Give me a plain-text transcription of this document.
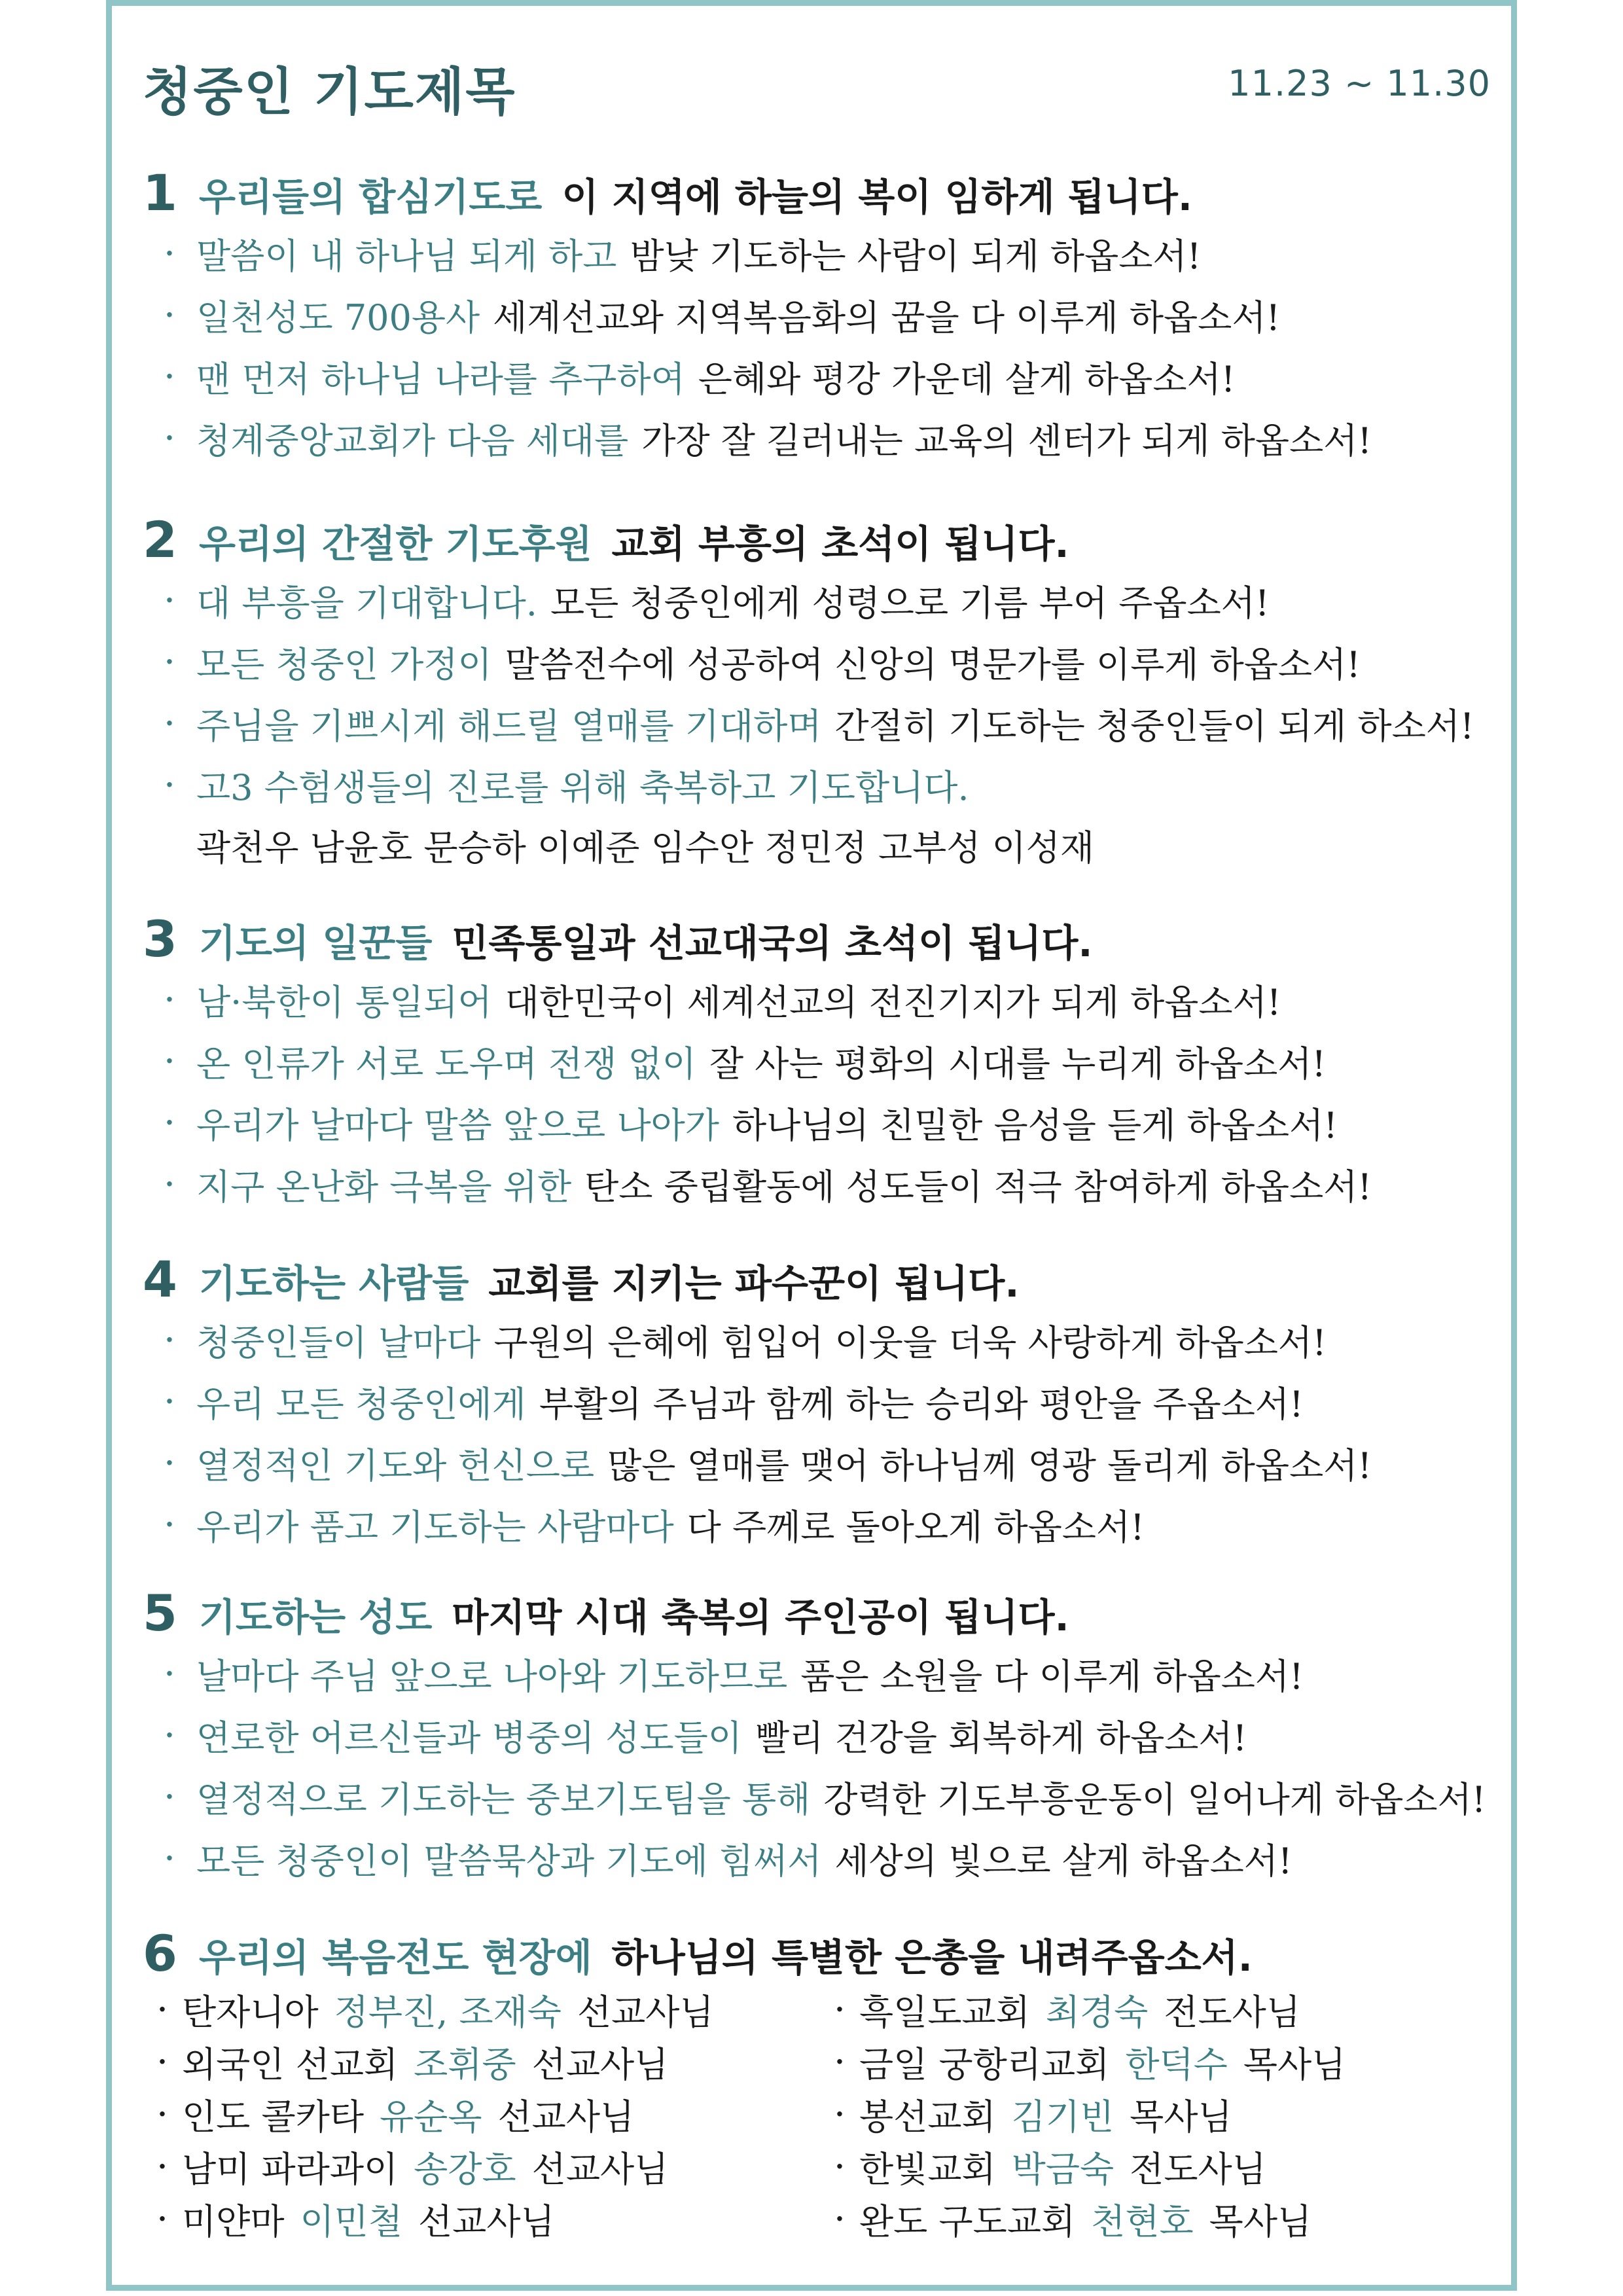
청중인 기도제목	11.23 ~ 11.30
1 우리들의 합심기도로 이 지역에 하늘의 복이 임하게 됩니다.
· 말씀이 내 하나님 되게 하고 밤낮 기도하는 사람이 되게 하옵소서!
· 일천성도 700용사 세계선교와 지역복음화의 꿈을 다 이루게 하옵소서!
· 맨 먼저 하나님 나라를 추구하여 은혜와 평강 가운데 살게 하옵소서!
· 청계중앙교회가 다음 세대를 가장 잘 길러내는 교육의 센터가 되게 하옵소서!
2 우리의 간절한 기도후원 교회 부흥의 초석이 됩니다.
· 대 부흥을 기대합니다. 모든 청중인에게 성령으로 기름 부어 주옵소서!
· 모든 청중인 가정이 말씀전수에 성공하여 신앙의 명문가를 이루게 하옵소서!
· 주님을 기쁘시게 해드릴 열매를 기대하며 간절히 기도하는 청중인들이 되게 하소서!
· 고3 수험생들의 진로를 위해 축복하고 기도합니다.
곽천우 남윤호 문승하 이예준 임수안 정민정 고부성 이성재
3 기도의 일꾼들 민족통일과 선교대국의 초석이 됩니다.
· 남·북한이 통일되어 대한민국이 세계선교의 전진기지가 되게 하옵소서!
· 온 인류가 서로 도우며 전쟁 없이 잘 사는 평화의 시대를 누리게 하옵소서!
· 우리가 날마다 말씀 앞으로 나아가 하나님의 친밀한 음성을 듣게 하옵소서!
· 지구 온난화 극복을 위한 탄소 중립활동에 성도들이 적극 참여하게 하옵소서!
4 기도하는 사람들 교회를 지키는 파수꾼이 됩니다.
· 청중인들이 날마다 구원의 은혜에 힘입어 이웃을 더욱 사랑하게 하옵소서!
· 우리 모든 청중인에게 부활의 주님과 함께 하는 승리와 평안을 주옵소서!
· 열정적인 기도와 헌신으로 많은 열매를 맺어 하나님께 영광 돌리게 하옵소서!
· 우리가 품고 기도하는 사람마다 다 주께로 돌아오게 하옵소서!
5 기도하는 성도 마지막 시대 축복의 주인공이 됩니다.
· 날마다 주님 앞으로 나아와 기도하므로 품은 소원을 다 이루게 하옵소서!
· 연로한 어르신들과 병중의 성도들이 빨리 건강을 회복하게 하옵소서!
· 열정적으로 기도하는 중보기도팀을 통해 강력한 기도부흥운동이 일어나게 하옵소서!
· 모든 청중인이 말씀묵상과 기도에 힘써서 세상의 빛으로 살게 하옵소서!
6 우리의 복음전도 현장에 하나님의 특별한 은총을 내려주옵소서.
· 탄자니아 정부진, 조재숙 선교사님
· 외국인 선교회 조휘중 선교사님
· 인도 콜카타 유순옥 선교사님
· 남미 파라과이 송강호 선교사님
· 미얀마 이민철 선교사님
· 흑일도교회 최경숙 전도사님
· 금일 궁항리교회 한덕수 목사님
· 봉선교회 김기빈 목사님
· 한빛교회 박금숙 전도사님
· 완도 구도교회 천현호 목사님
